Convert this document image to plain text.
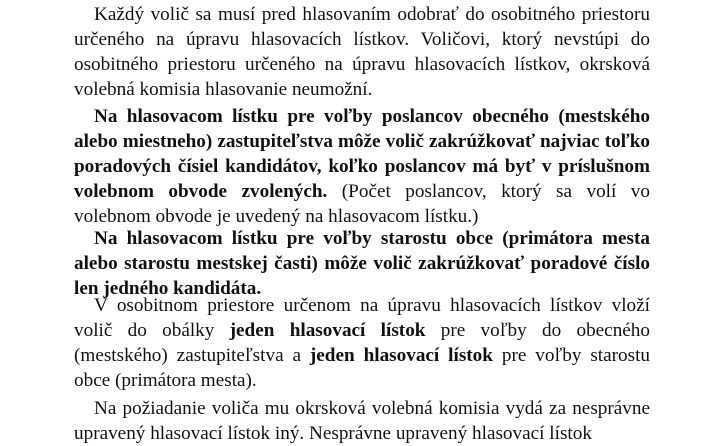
Každý volič sa musí pred hlasovaním odobrať do osobitného priestoru určeného na úpravu hlasovacích lístkov. Voličovi, ktorý nevstúpi do osobitného priestoru určeného na úpravu hlasovacích lístkov, okrsková volebná komisia hlasovanie neumožní.

Na hlasovacom lístku pre voľby poslancov obecného (mestského alebo miestneho) zastupiteľstva môže volič zakrúžkovať najviac toľko poradových čísiel kandidátov, koľko poslancov má byť v príslušnom volebnom obvode zvolených. (Počet poslancov, ktorý sa volí vo volebnom obvode je uvedený na hlasovacom lístku.)

Na hlasovacom lístku pre voľby starostu obce (primátora mesta alebo starostu mestskej časti) môže volič zakrúžkovať poradové číslo len jedného kandidáta.

V osobitnom priestore určenom na úpravu hlasovacích lístkov vloží volič do obálky jeden hlasovací lístok pre voľby do obecného (mestského) zastupiteľstva a jeden hlasovací lístok pre voľby starostu obce (primátora mesta).

Na požiadanie voliča mu okrsková volebná komisia vydá za nesprávne upravený hlasovací lístok iný. Nesprávne upravený hlasovací lístok
